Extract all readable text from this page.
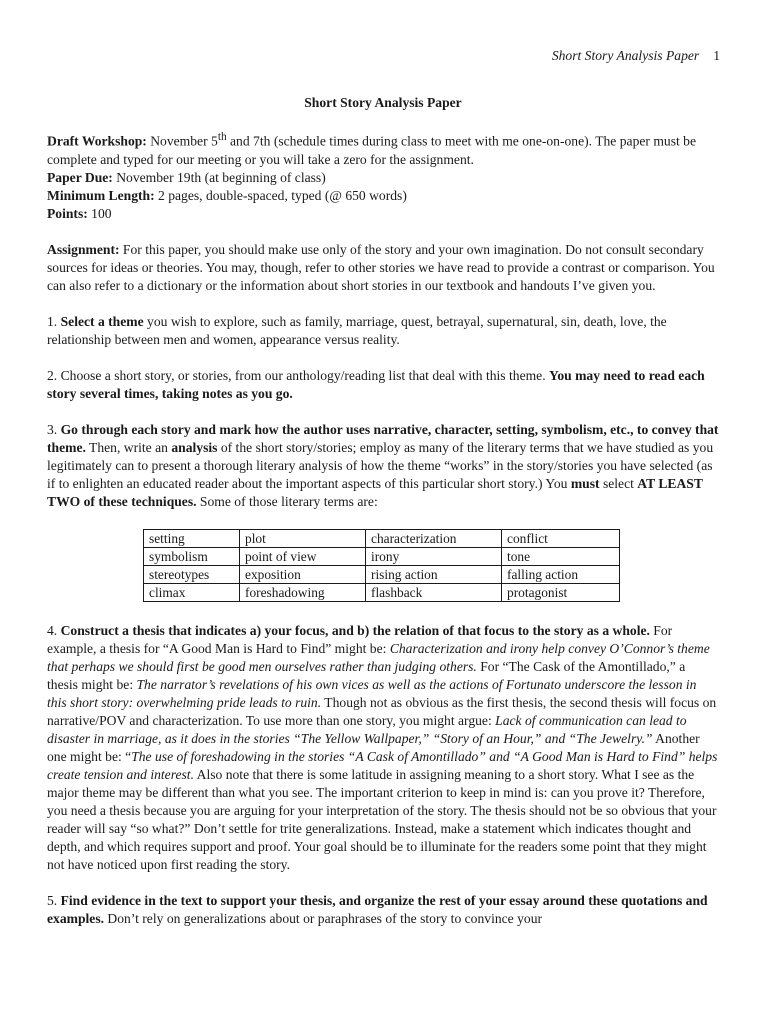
Short Story Analysis Paper 1
Short Story Analysis Paper

Draft Workshop: November 5th and 7th (schedule times during class to meet with me one-on-one). The paper must be complete and typed for our meeting or you will take a zero for the assignment.

Paper Due: November 19th (at beginning of class)

Minimum Length: 2 pages, double-spaced, typed (@ 650 words)

Points: 100

Assignment: For this paper, you should make use only of the story and your own imagination. Do not consult secondary sources for ideas or theories. You may, though, refer to other stories we have read to provide a contrast or comparison. You can also refer to a dictionary or the information about short stories in our textbook and handouts I’ve given you.

1. Select a theme you wish to explore, such as family, marriage, quest, betrayal, supernatural, sin, death, love, the relationship between men and women, appearance versus reality.

2. Choose a short story, or stories, from our anthology/reading list that deal with this theme. You may need to read each story several times, taking notes as you go.

3. Go through each story and mark how the author uses narrative, character, setting, symbolism, etc., to convey that theme. Then, write an analysis of the short story/stories; employ as many of the literary terms that we have studied as you legitimately can to present a thorough literary analysis of how the theme “works” in the story/stories you have selected (as if to enlighten an educated reader about the important aspects of this particular short story.) You must select AT LEAST TWO of these techniques. Some of those literary terms are:

setting	plot	characterization	conflict
symbolism	point of view	irony	tone
stereotypes	exposition	rising action	falling action
climax	foreshadowing	flashback	protagonist

4. Construct a thesis that indicates a) your focus, and b) the relation of that focus to the story as a whole. For example, a thesis for “A Good Man is Hard to Find” might be: Characterization and irony help convey O’Connor’s theme that perhaps we should first be good men ourselves rather than judging others. For “The Cask of the Amontillado,” a thesis might be: The narrator’s revelations of his own vices as well as the actions of Fortunato underscore the lesson in this short story: overwhelming pride leads to ruin. Though not as obvious as the first thesis, the second thesis will focus on narrative/POV and characterization. To use more than one story, you might argue: Lack of communication can lead to disaster in marriage, as it does in the stories “The Yellow Wallpaper,” “Story of an Hour,” and “The Jewelry.” Another one might be: “The use of foreshadowing in the stories “A Cask of Amontillado” and “A Good Man is Hard to Find” helps create tension and interest. Also note that there is some latitude in assigning meaning to a short story. What I see as the major theme may be different than what you see. The important criterion to keep in mind is: can you prove it? Therefore, you need a thesis because you are arguing for your interpretation of the story. The thesis should not be so obvious that your reader will say “so what?” Don’t settle for trite generalizations. Instead, make a statement which indicates thought and depth, and which requires support and proof. Your goal should be to illuminate for the readers some point that they might not have noticed upon first reading the story.

5. Find evidence in the text to support your thesis, and organize the rest of your essay around these quotations and examples. Don’t rely on generalizations about or paraphrases of the story to convince your
